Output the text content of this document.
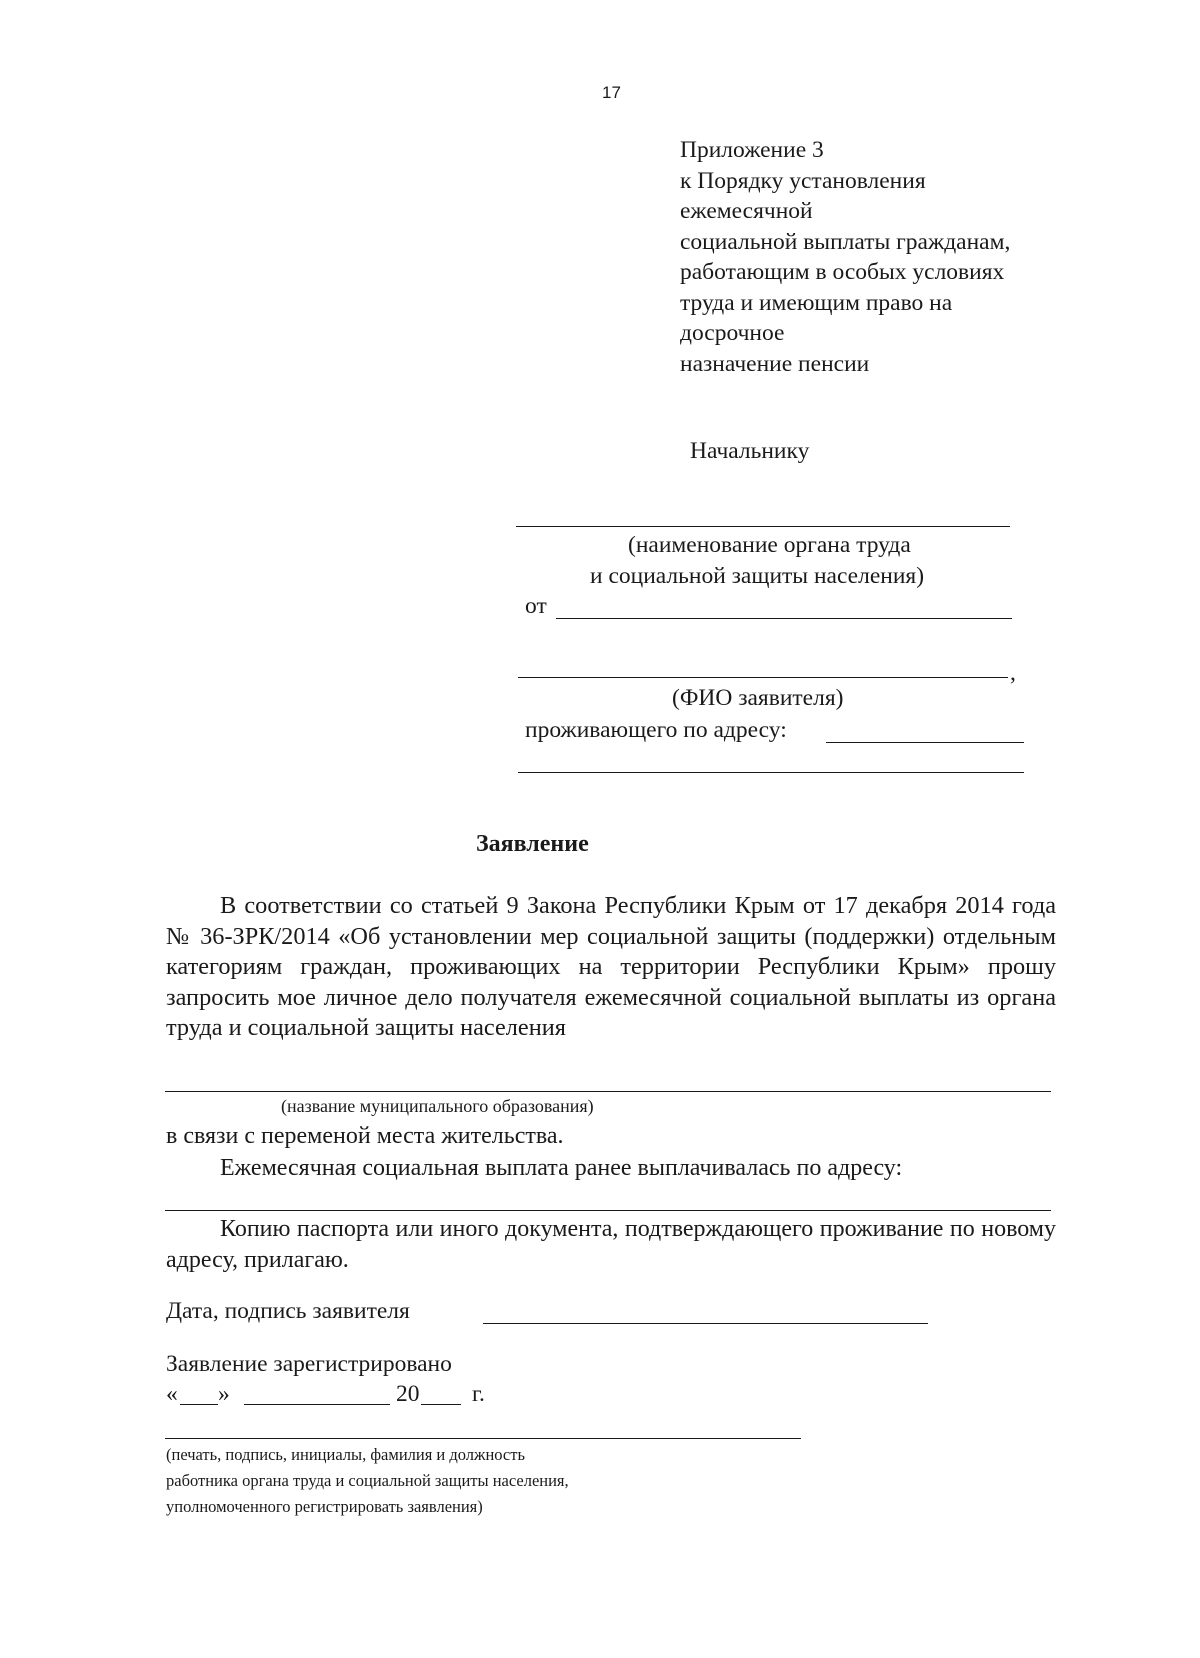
17
Приложение 3
к Порядку установления
ежемесячной
социальной выплаты гражданам,
работающим в особых условиях
труда и имеющим право на
досрочное
назначение пенсии
Начальнику
(наименование органа труда
и социальной защиты населения)
от
,
(ФИО заявителя)
проживающего по адресу:
Заявление
В соответствии со статьей 9 Закона Республики Крым от 17 декабря 2014 года № 36-ЗРК/2014 «Об установлении мер социальной защиты (поддержки) отдельным категориям граждан, проживающих на территории Республики Крым» прошу запросить мое личное дело получателя ежемесячной социальной выплаты из органа труда и социальной защиты населения
(название муниципального образования)
в связи с переменой места жительства.
Ежемесячная социальная выплата ранее выплачивалась по адресу:
Копию паспорта или иного документа, подтверждающего проживание по новому адресу, прилагаю.
Дата, подпись заявителя
Заявление зарегистрировано
« »	20 г.
(печать, подпись, инициалы, фамилия и должность
работника органа труда и социальной защиты населения,
уполномоченного регистрировать заявления)
